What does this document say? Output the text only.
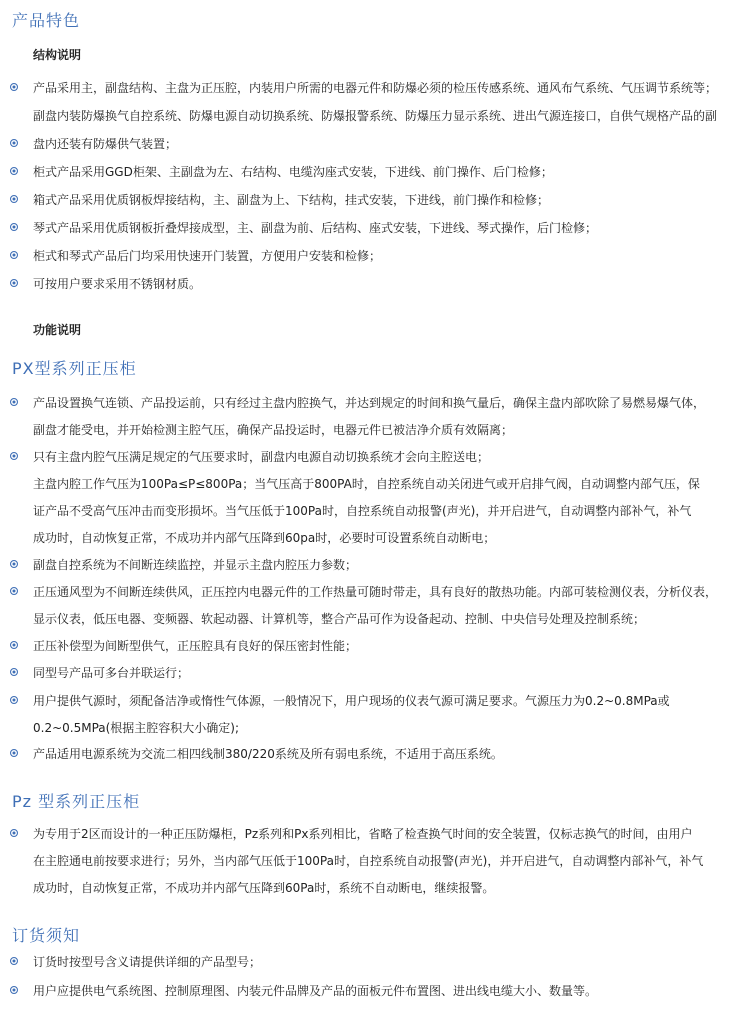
产品特色
结构说明
产品采用主，副盘结构、主盘为正压腔，内装用户所需的电器元件和防爆必须的检压传感系统、通风布气系统、气压调节系统等；
副盘内装防爆换气自控系统、防爆电源自动切换系统、防爆报警系统、防爆压力显示系统、进出气源连接口，自供气规格产品的副
盘内还装有防爆供气装置；
柜式产品采用GGD柜架、主副盘为左、右结构、电缆沟座式安装，下进线、前门操作、后门检修；
箱式产品采用优质钢板焊接结构，主、副盘为上、下结构，挂式安装，下进线，前门操作和检修；
琴式产品采用优质钢板折叠焊接成型，主、副盘为前、后结构、座式安装，下进线、琴式操作，后门检修；
柜式和琴式产品后门均采用快速开门装置，方便用户安装和检修；
可按用户要求采用不锈钢材质。
功能说明
PX型系列正压柜
产品设置换气连锁、产品投运前，只有经过主盘内腔换气，并达到规定的时间和换气量后，确保主盘内部吹除了易燃易爆气体，
副盘才能受电，并开始检测主腔气压，确保产品投运时，电器元件已被洁净介质有效隔离；
只有主盘内腔气压满足规定的气压要求时，副盘内电源自动切换系统才会向主腔送电；
主盘内腔工作气压为100Pa≤P≤800Pa；当气压高于800PA时，自控系统自动关闭进气或开启排气阀，自动调整内部气压，保
证产品不受高气压冲击而变形损坏。当气压低于100Pa时，自控系统自动报警(声光)，并开启进气，自动调整内部补气，补气
成功时，自动恢复正常，不成功并内部气压降到60pa时，必要时可设置系统自动断电；
副盘自控系统为不间断连续监控，并显示主盘内腔压力参数；
正压通风型为不间断连续供风，正压控内电器元件的工作热量可随时带走，具有良好的散热功能。内部可装检测仪表，分析仪表，
显示仪表，低压电器、变频器、软起动器、计算机等，整合产品可作为设备起动、控制、中央信号处理及控制系统；
正压补偿型为间断型供气，正压腔具有良好的保压密封性能；
同型号产品可多台并联运行；
用户提供气源时，须配备洁净或惰性气体源，一般情况下，用户现场的仪表气源可满足要求。气源压力为0.2~0.8MPa或
0.2~0.5MPa(根据主腔容积大小确定);
产品适用电源系统为交流二相四线制380/220系统及所有弱电系统，不适用于高压系统。
Pz 型系列正压柜
为专用于2区而设计的一种正压防爆柜，Pz系列和Px系列相比，省略了检查换气时间的安全装置，仅标志换气的时间，由用户
在主腔通电前按要求进行；另外，当内部气压低于100Pa时，自控系统自动报警(声光)，并开启进气，自动调整内部补气，补气
成功时，自动恢复正常，不成功并内部气压降到60Pa时，系统不自动断电，继续报警。
订货须知
订货时按型号含义请提供详细的产品型号；
用户应提供电气系统图、控制原理图、内装元件品牌及产品的面板元件布置图、进出线电缆大小、数量等。
